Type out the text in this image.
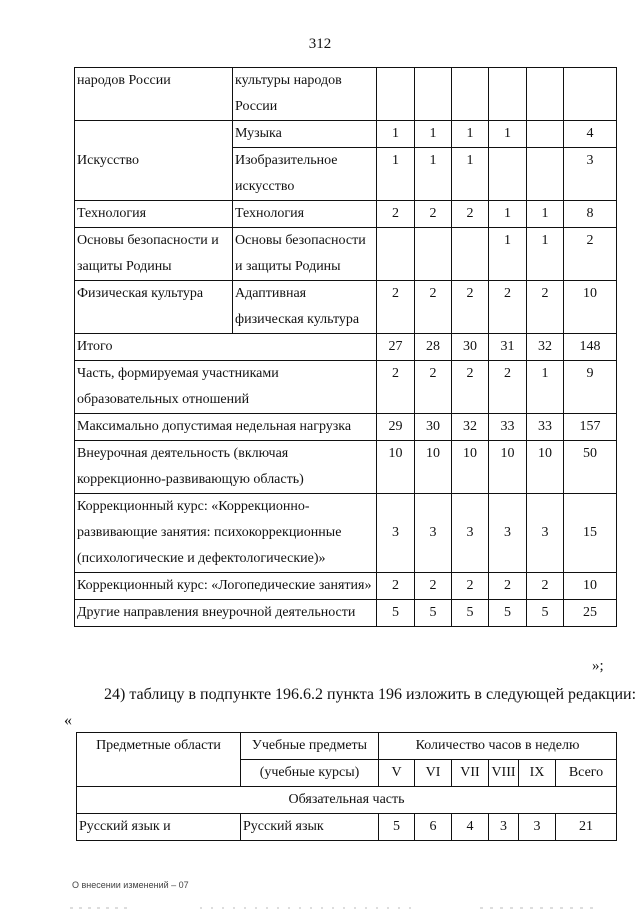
312
народов России	культуры народов России						
Искусство	Музыка	1	1	1	1		4
	Изобразительное искусство	1	1	1			3
Технология	Технология	2	2	2	1	1	8
Основы безопасности и защиты Родины	Основы безопасности и защиты Родины				1	1	2
Физическая культура	Адаптивная физическая культура	2	2	2	2	2	10
Итого		27	28	30	31	32	148
Часть, формируемая участниками образовательных отношений		2	2	2	2	1	9
Максимально допустимая недельная нагрузка		29	30	32	33	33	157
Внеурочная деятельность (включая коррекционно-развивающую область)		10	10	10	10	10	50
Коррекционный курс: «Коррекционно-развивающие занятия: психокоррекционные (психологические и дефектологические)»		3	3	3	3	3	15
Коррекционный курс: «Логопедические занятия»		2	2	2	2	2	10
Другие направления внеурочной деятельности		5	5	5	5	5	25
»;
24) таблицу в подпункте 196.6.2 пункта 196 изложить в следующей редакции:
«
Предметные области	Учебные предметы	Количество часов в неделю					
	(учебные курсы)	V	VI	VII	VIII	IX	Всего
Обязательная часть							
Русский язык и	Русский язык	5	6	4	3	3	21
О внесении изменений – 07
